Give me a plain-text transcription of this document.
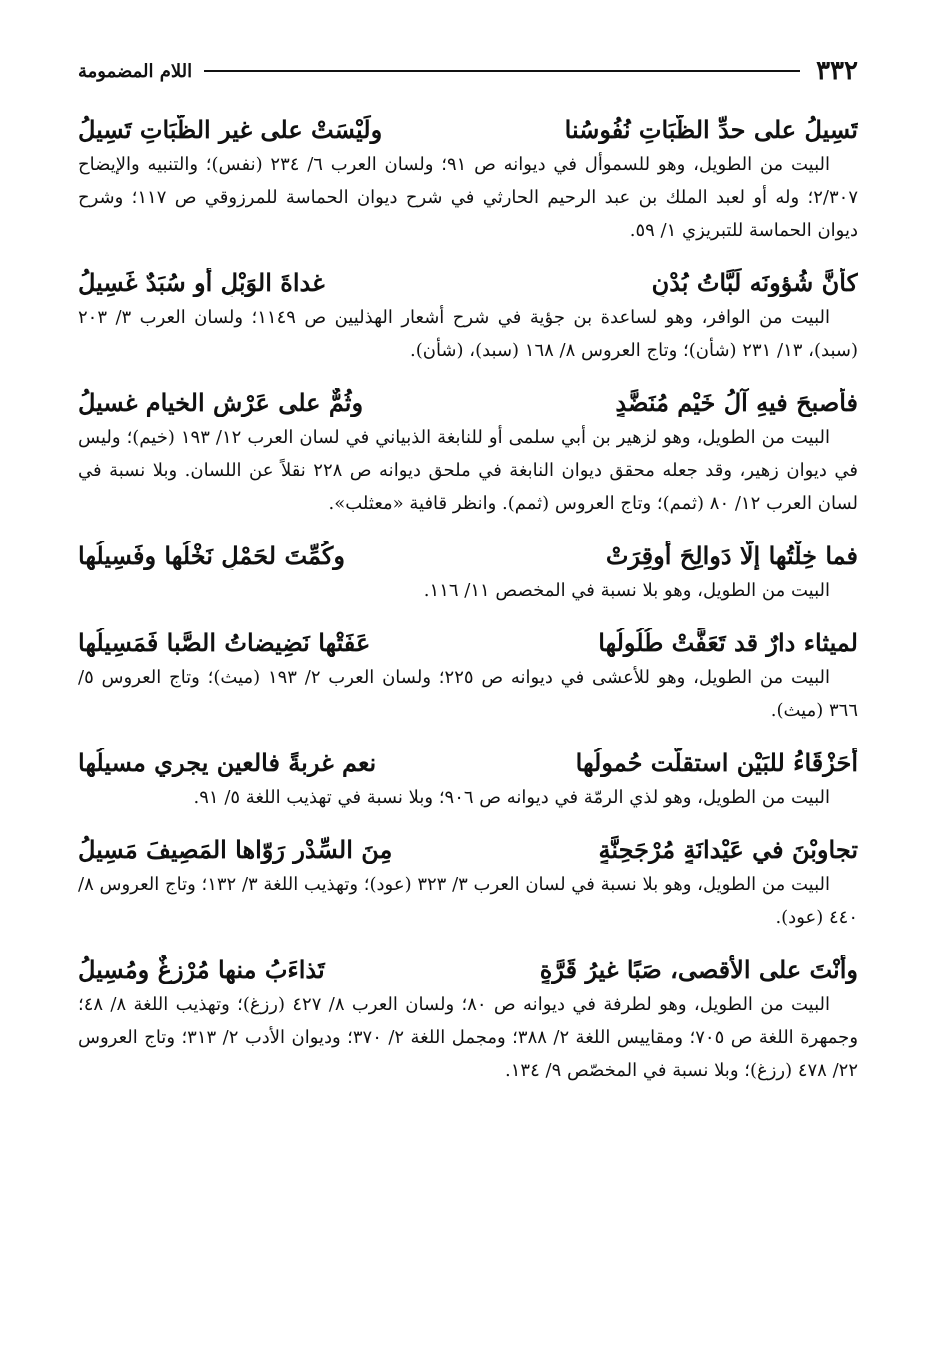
٣٣٢
اللام المضمومة
تَسِيلُ على حدِّ الظُّبَاتِ نُفُوسُنا
ولَيْسَتْ على غيرِ الظُّبَاتِ تَسِيلُ

البيت من الطويل، وهو للسموأل في ديوانه ص ٩١؛ ولسان العرب ٦/ ٢٣٤ (نفس)؛ والتنبيه والإيضاح ٢/٣٠٧؛ وله أو لعبد الملك بن عبد الرحيم الحارثي في شرح ديوان الحماسة للمرزوقي ص ١١٧؛ وشرح ديوان الحماسة للتبريزي ١/ ٥٩.

كأنَّ شُؤونَه لَبَّاتُ بُدْنٍ
غداةَ الوَبْلِ أو سُبَدٌ غَسِيلُ

البيت من الوافر، وهو لساعدة بن جؤية في شرح أشعار الهذليين ص ١١٤٩؛ ولسان العرب ٣/ ٢٠٣ (سبد)، ١٣/ ٢٣١ (شأن)؛ وتاج العروس ٨/ ١٦٨ (سبد)، (شأن).

فأصبحَ فيهِ آلُ خَيْمٍ مُنَضَّدٍ
وثُمٌّ على عَرْشِ الخيامِ غسيلُ

البيت من الطويل، وهو لزهير بن أبي سلمى أو للنابغة الذبياني في لسان العرب ١٢/ ١٩٣ (خيم)؛ وليس في ديوان زهير، وقد جعله محقق ديوان النابغة في ملحق ديوانه ص ٢٢٨ نقلاً عن اللسان. وبلا نسبة في لسان العرب ١٢/ ٨٠ (ثمم)؛ وتاج العروس (ثمم). وانظر قافية «معثلب».

فما خِلْتُها إلّا دَوالِحَ أُوقِرَتْ
وكُمِّتَ لحَمْلٍ نَخْلُها وفَسِيلُها

البيت من الطويل، وهو بلا نسبة في المخصص ١١/ ١١٦.

لميثاء دارٌ قد تَعَفَّتْ طُلُولُها
عَفَتْها نَضِيضاتُ الصَّبا فَمَسِيلُها

البيت من الطويل، وهو للأعشى في ديوانه ص ٢٢٥؛ ولسان العرب ٢/ ١٩٣ (ميث)؛ وتاج العروس ٥/ ٣٦٦ (ميث).

أحَزْقَاءُ للبَيْنِ استقلَّت حُمولُها
نعم غربةً فالعين يجري مسيلُها

البيت من الطويل، وهو لذي الرمّة في ديوانه ص ٩٠٦؛ وبلا نسبة في تهذيب اللغة ٥/ ٩١.

تجاوبْنَ في عَيْدانَةٍ مُرْجَحِنَّةٍ
مِنَ السِّدْرِ رَوّاها المَصِيفَ مَسِيلُ

البيت من الطويل، وهو بلا نسبة في لسان العرب ٣/ ٣٢٣ (عود)؛ وتهذيب اللغة ٣/ ١٣٢؛ وتاج العروس ٨/ ٤٤٠ (عود).

وأنْتَ على الأقصى، صَبًا غيرُ قَرَّةٍ
تَذاءَبُ منها مُرْزِغٌ ومُسِيلُ

البيت من الطويل، وهو لطرفة في ديوانه ص ٨٠؛ ولسان العرب ٨/ ٤٢٧ (رزغ)؛ وتهذيب اللغة ٨/ ٤٨؛ وجمهرة اللغة ص ٧٠٥؛ ومقاييس اللغة ٢/ ٣٨٨؛ ومجمل اللغة ٢/ ٣٧٠؛ وديوان الأدب ٢/ ٣١٣؛ وتاج العروس ٢٢/ ٤٧٨ (رزغ)؛ وبلا نسبة في المخصّص ٩/ ١٣٤.
